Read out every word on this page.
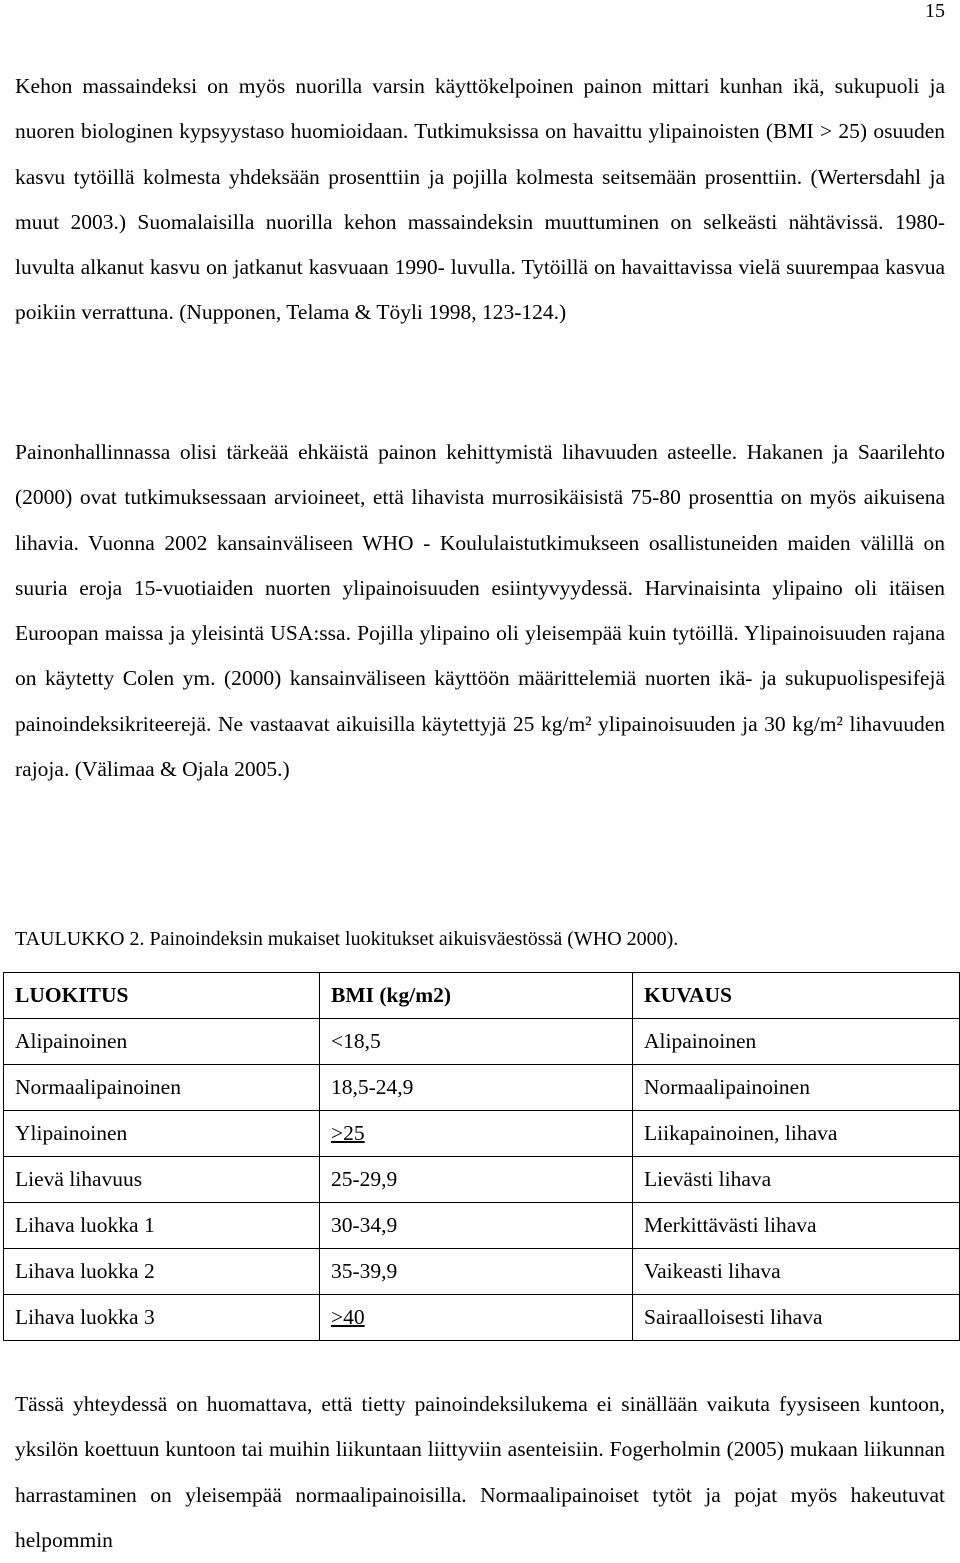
15

Kehon massaindeksi on myös nuorilla varsin käyttökelpoinen painon mittari kunhan ikä, sukupuoli ja nuoren biologinen kypsyystaso huomioidaan. Tutkimuksissa on havaittu ylipainoisten (BMI > 25) osuuden kasvu tytöillä kolmesta yhdeksään prosenttiin ja pojilla kolmesta seitsemään prosenttiin. (Wertersdahl ja muut 2003.) Suomalaisilla nuorilla kehon massaindeksin muuttuminen on selkeästi nähtävissä. 1980-luvulta alkanut kasvu on jatkanut kasvuaan 1990- luvulla. Tytöillä on havaittavissa vielä suurempaa kasvua poikiin verrattuna. (Nupponen, Telama & Töyli 1998, 123-124.)

Painonhallinnassa olisi tärkeää ehkäistä painon kehittymistä lihavuuden asteelle. Hakanen ja Saarilehto (2000) ovat tutkimuksessaan arvioineet, että lihavista murrosikäisistä 75-80 prosenttia on myös aikuisena lihavia. Vuonna 2002 kansainväliseen WHO - Koululaistutkimukseen osallistuneiden maiden välillä on suuria eroja 15-vuotiaiden nuorten ylipainoisuuden esiintyvyydessä. Harvinaisinta ylipaino oli itäisen Euroopan maissa ja yleisintä USA:ssa. Pojilla ylipaino oli yleisempää kuin tytöillä. Ylipainoisuuden rajana on käytetty Colen ym. (2000) kansainväliseen käyttöön määrittelemiä nuorten ikä- ja sukupuolispesifejä painoindeksikriteerejä. Ne vastaavat aikuisilla käytettyjä 25 kg/m² ylipainoisuuden ja 30 kg/m² lihavuuden rajoja. (Välimaa & Ojala 2005.)

TAULUKKO 2. Painoindeksin mukaiset luokitukset aikuisväestössä (WHO 2000).
LUOKITUS	BMI (kg/m2)	KUVAUS
Alipainoinen	<18,5	Alipainoinen
Normaalipainoinen	18,5-24,9	Normaalipainoinen
Ylipainoinen	>25	Liikapainoinen, lihava
Lievä lihavuus	25-29,9	Lievästi lihava
Lihava luokka 1	30-34,9	Merkittävästi lihava
Lihava luokka 2	35-39,9	Vaikeasti lihava
Lihava luokka 3	>40	Sairaalloisesti lihava

Tässä yhteydessä on huomattava, että tietty painoindeksilukema ei sinällään vaikuta fyysiseen kuntoon, yksilön koettuun kuntoon tai muihin liikuntaan liittyviin asenteisiin. Fogerholmin (2005) mukaan liikunnan harrastaminen on yleisempää normaalipainoisilla. Normaalipainoiset tytöt ja pojat myös hakeutuvat helpommin
